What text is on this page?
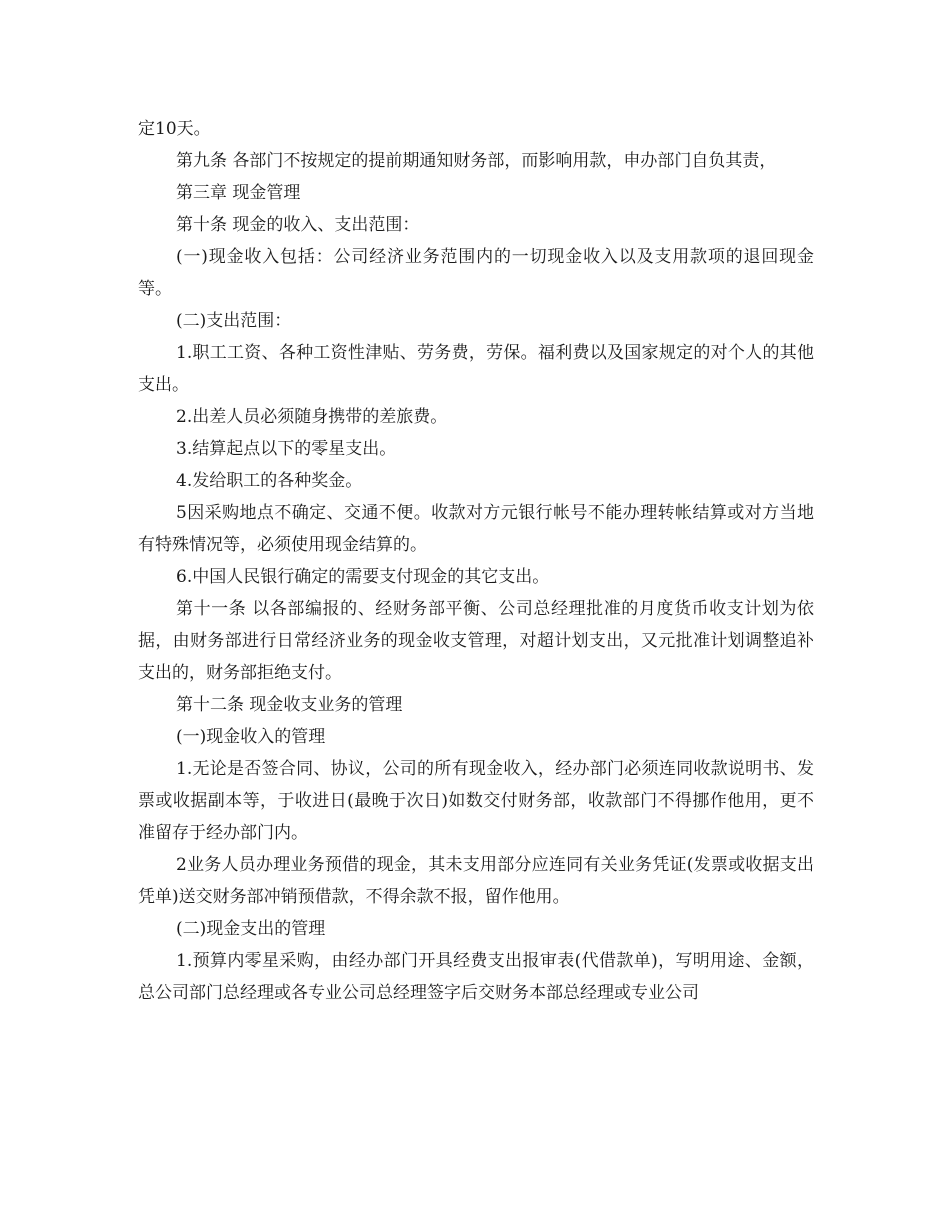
定10天。

第九条 各部门不按规定的提前期通知财务部，而影响用款，申办部门自负其责，

第三章 现金管理

第十条 现金的收入、支出范围：

(一)现金收入包括：公司经济业务范围内的一切现金收入以及支用款项的退回现金等。

(二)支出范围：

1.职工工资、各种工资性津贴、劳务费，劳保。福利费以及国家规定的对个人的其他支出。

2.出差人员必须随身携带的差旅费。

3.结算起点以下的零星支出。

4.发给职工的各种奖金。

5因采购地点不确定、交通不便。收款对方元银行帐号不能办理转帐结算或对方当地有特殊情况等，必须使用现金结算的。

6.中国人民银行确定的需要支付现金的其它支出。

第十一条 以各部编报的、经财务部平衡、公司总经理批准的月度货币收支计划为依据，由财务部进行日常经济业务的现金收支管理，对超计划支出，又元批准计划调整追补支出的，财务部拒绝支付。

第十二条 现金收支业务的管理

(一)现金收入的管理

1.无论是否签合同、协议，公司的所有现金收入，经办部门必须连同收款说明书、发票或收据副本等，于收进日(最晚于次日)如数交付财务部，收款部门不得挪作他用，更不准留存于经办部门内。

2业务人员办理业务预借的现金，其未支用部分应连同有关业务凭证(发票或收据支出凭单)送交财务部冲销预借款，不得余款不报，留作他用。

(二)现金支出的管理

1.预算内零星采购，由经办部门开具经费支出报审表(代借款单)，写明用途、金额，总公司部门总经理或各专业公司总经理签字后交财务本部总经理或专业公司
